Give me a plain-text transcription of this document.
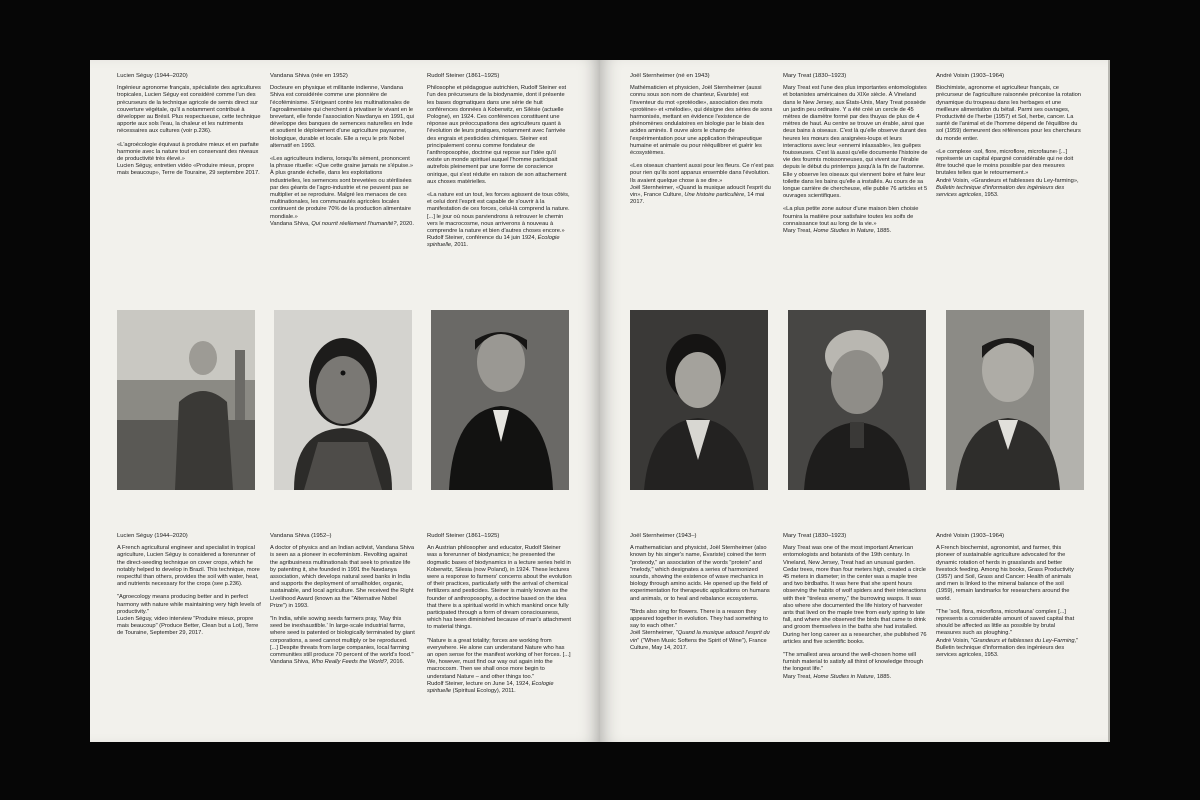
Lucien Séguy (1944–2020)

Ingénieur agronome français, spécialiste des agricultures tropicales, Lucien Séguy est considéré comme l'un des précurseurs de la technique agricole de semis direct sur couverture végétale, qu'il a notamment contribué à développer au Brésil. Plus respectueuse, cette technique apporte aux sols l'eau, la chaleur et les nutriments nécessaires aux cultures (voir p.236).

«L'agroécologie équivaut à produire mieux et en parfaite harmonie avec la nature tout en conservant des niveaux de productivité très élevé.»

Lucien Séguy, entretien vidéo «Produire mieux, propre mais beaucoup», Terre de Touraine, 29 septembre 2017.

Vandana Shiva (née en 1952)

Docteure en physique et militante indienne, Vandana Shiva est considérée comme une pionnière de l'écoféminisme. S'érigeant contre les multinationales de l'agroalimentaire qui cherchent à privatiser le vivant en le brevetant, elle fonde l'association Navdanya en 1991, qui développe des banques de semences naturelles en Inde et soutient le déploiement d'une agriculture paysanne, biologique, durable et locale. Elle a reçu le prix Nobel alternatif en 1993.

«Les agriculteurs indiens, lorsqu'ils sèment, prononcent la phrase rituelle: «Que cette graine jamais ne s'épuise.» À plus grande échelle, dans les exploitations industrielles, les semences sont brevetées ou stérilisées par des géants de l'agro-industrie et ne peuvent pas se multiplier et se reproduire. Malgré les menaces de ces multinationales, les communautés agricoles locales continuent de produire 70% de la production alimentaire mondiale.»

Vandana Shiva, Qui nourrit réellement l'humanité?, 2020.

Rudolf Steiner (1861–1925)

Philosophe et pédagogue autrichien, Rudolf Steiner est l'un des précurseurs de la biodynamie, dont il présente les bases dogmatiques dans une série de huit conférences données à Koberwitz, en Silésie (actuelle Pologne), en 1924. Ces conférences constituent une réponse aux préoccupations des agriculteurs quant à l'évolution de leurs pratiques, notamment avec l'arrivée des engrais et pesticides chimiques. Steiner est principalement connu comme fondateur de l'anthroposophie, doctrine qui repose sur l'idée qu'il existe un monde spirituel auquel l'homme participait autrefois pleinement par une forme de conscience onirique, qui s'est réduite en raison de son attachement aux choses matérielles.

«La nature est un tout, les forces agissent de tous côtés, et celui dont l'esprit est capable de s'ouvrir à la manifestation de ces forces, celui-là comprend la nature. [...] le jour où nous parviendrons à retrouver le chemin vers le macrocosme, nous arriverons à nouveau à comprendre la nature et bien d'autres choses encore.»

Rudolf Steiner, conférence du 14 juin 1924, Écologie spirituelle, 2011.

Lucien Séguy (1944–2020)

A French agricultural engineer and specialist in tropical agriculture, Lucien Séguy is considered a forerunner of the direct-seeding technique on cover crops, which he notably helped to develop in Brazil. This technique, more respectful than others, provides the soil with water, heat, and nutrients necessary for the crops (see p.236).

"Agroecology means producing better and in perfect harmony with nature while maintaining very high levels of productivity."

Lucien Séguy, video interview "Produire mieux, propre mais beaucoup" (Produce Better, Clean but a Lot), Terre de Touraine, September 29, 2017.

Vandana Shiva (1952–)

A doctor of physics and an Indian activist, Vandana Shiva is seen as a pioneer in ecofeminism. Revolting against the agribusiness multinationals that seek to privatize life by patenting it, she founded in 1991 the Navdanya association, which develops natural seed banks in India and supports the deployment of smallholder, organic, sustainable, and local agriculture. She received the Right Livelihood Award (known as the "Alternative Nobel Prize") in 1993.

"In India, while sowing seeds farmers pray, 'May this seed be inexhaustible.' In large-scale industrial farms, where seed is patented or biologically terminated by giant corporations, a seed cannot multiply or be reproduced. [...] Despite threats from large companies, local farming communities still produce 70 percent of the world's food."

Vandana Shiva, Who Really Feeds the World?, 2016.

Rudolf Steiner (1861–1925)

An Austrian philosopher and educator, Rudolf Steiner was a forerunner of biodynamics; he presented the dogmatic bases of biodynamics in a lecture series held in Koberwitz, Silesia (now Poland), in 1924. These lectures were a response to farmers' concerns about the evolution of their practices, particularly with the arrival of chemical fertilizers and pesticides. Steiner is mainly known as the founder of anthroposophy, a doctrine based on the idea that there is a spiritual world in which mankind once fully participated through a form of dream consciousness, which has been diminished because of man's attachment to material things.

"Nature is a great totality; forces are working from everywhere. He alone can understand Nature who has an open sense for the manifest working of her forces. [...] We, however, must find our way out again into the macrocosm. Then we shall once more begin to understand Nature – and other things too."

Rudolf Steiner, lecture on June 14, 1924, Écologie spirituelle (Spiritual Ecology), 2011.

Joël Sternheimer (né en 1943)

Mathématicien et physicien, Joël Sternheimer (aussi connu sous son nom de chanteur, Évariste) est l'inventeur du mot «protéodie», association des mots «protéine» et «mélodie», qui désigne des séries de sons harmonisés, mettant en évidence l'existence de phénomènes ondulatoires en biologie par le biais des acides aminés. Il ouvre alors le champ de l'expérimentation pour une application thérapeutique humaine et animale ou pour rééquilibrer et guérir les écosystèmes.

«Les oiseaux chantent aussi pour les fleurs. Ce n'est pas pour rien qu'ils sont apparus ensemble dans l'évolution. Ils avaient quelque chose à se dire.»

Joël Sternheimer, «Quand la musique adoucit l'esprit du vin», France Culture, Une histoire particulière, 14 mai 2017.

Mary Treat (1830–1923)

Mary Treat est l'une des plus importantes entomologistes et botanistes américaines du XIXe siècle. À Vineland dans le New Jersey, aux États-Unis, Mary Treat possède un jardin peu ordinaire. Y a été créé un cercle de 45 mètres de diamètre formé par des thuyas de plus de 4 mètres de haut. Au centre se trouve un érable, ainsi que deux bains à oiseaux. C'est là qu'elle observe durant des heures les mœurs des araignées-loups et leurs interactions avec leur «ennemi inlassable», les guêpes fouisseuses. C'est là aussi qu'elle documente l'histoire de vie des fourmis moissonneuses, qui vivent sur l'érable depuis le début du printemps jusqu'à la fin de l'automne. Elle y observe les oiseaux qui viennent boire et faire leur toilette dans les bains qu'elle a installés. Au cours de sa longue carrière de chercheuse, elle publie 76 articles et 5 ouvrages scientifiques.

«La plus petite zone autour d'une maison bien choisie fournira la matière pour satisfaire toutes les soifs de connaissance tout au long de la vie.»

Mary Treat, Home Studies in Nature, 1885.

André Voisin (1903–1964)

Biochimiste, agronome et agriculteur français, ce précurseur de l'agriculture raisonnée préconise la rotation dynamique du troupeau dans les herbages et une meilleure alimentation du bétail. Parmi ses ouvrages, Productivité de l'herbe (1957) et Sol, herbe, cancer. La santé de l'animal et de l'homme dépend de l'équilibre du sol (1959) demeurent des références pour les chercheurs du monde entier.

«Le complexe ‹sol, flore, microflore, microfaune› [...] représente un capital épargné considérable qui ne doit être touché que le moins possible par des mesures brutales telles que le retournement.»

André Voisin, «Grandeurs et faiblesses du Ley-farming», Bulletin technique d'information des ingénieurs des services agricoles, 1953.

Joël Sternheimer (1943–)

A mathematician and physicist, Joël Sternheimer (also known by his singer's name, Évariste) coined the term "proteody," an association of the words "protein" and "melody," which designates a series of harmonized sounds, showing the existence of wave mechanics in biology through amino acids. He opened up the field of experimentation for therapeutic applications on humans and animals, or to heal and rebalance ecosystems.

"Birds also sing for flowers. There is a reason they appeared together in evolution. They had something to say to each other."

Joël Sternheimer, "Quand la musique adoucit l'esprit du vin" ("When Music Softens the Spirit of Wine"), France Culture, May 14, 2017.

Mary Treat (1830–1923)

Mary Treat was one of the most important American entomologists and botanists of the 19th century. In Vineland, New Jersey, Treat had an unusual garden. Cedar trees, more than four meters high, created a circle 45 meters in diameter; in the center was a maple tree and two birdbaths. It was here that she spent hours observing the habits of wolf spiders and their interactions with their "tireless enemy," the burrowing wasps. It was also where she documented the life history of harvester ants that lived on the maple tree from early spring to late fall, and where she observed the birds that came to drink and groom themselves in the baths she had installed. During her long career as a researcher, she published 76 articles and five scientific books.

"The smallest area around the well-chosen home will furnish material to satisfy all thirst of knowledge through the longest life."

Mary Treat, Home Studies in Nature, 1885.

André Voisin (1903–1964)

A French biochemist, agronomist, and farmer, this pioneer of sustainable agriculture advocated for the dynamic rotation of herds in grasslands and better livestock feeding. Among his books, Grass Productivity (1957) and Soil, Grass and Cancer: Health of animals and men is linked to the mineral balance of the soil (1959), remain landmarks for researchers around the world.

"The 'soil, flora, microflora, microfauna' complex [...] represents a considerable amount of saved capital that should be affected as little as possible by brutal measures such as ploughing."

André Voisin, "Grandeurs et faiblesses du Ley-Farming," Bulletin technique d'information des ingénieurs des services agricoles, 1953.
